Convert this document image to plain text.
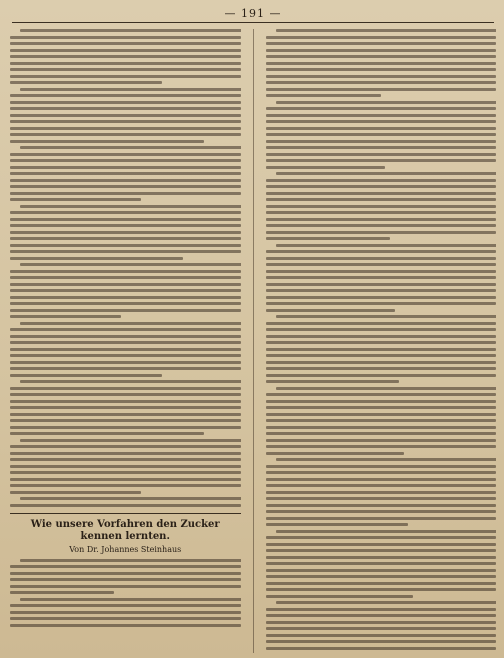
— 191 —
Wie unsere Vorfahren den Zucker kennen lernten.
Von Dr. Johannes Steinhaus
